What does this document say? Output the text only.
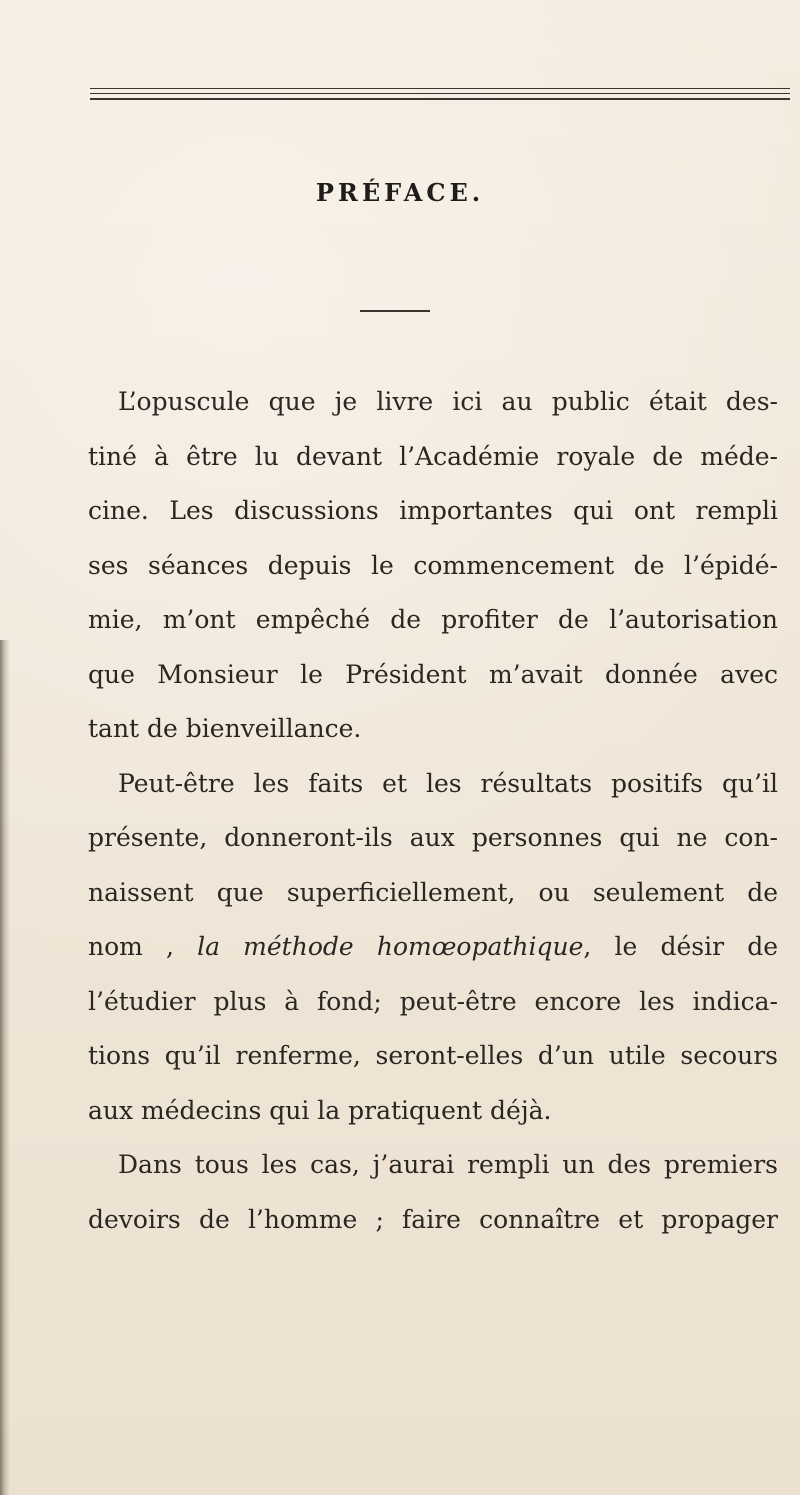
PRÉFACE.
L’opuscule que je livre ici au public était des-
tiné à être lu devant l’Académie royale de méde-
cine. Les discussions importantes qui ont rempli
ses séances depuis le commencement de l’épidé-
mie, m’ont empêché de profiter de l’autorisation
que Monsieur le Président m’avait donnée avec
tant de bienveillance.
Peut-être les faits et les résultats positifs qu’il
présente, donneront-ils aux personnes qui ne con-
naissent que superficiellement, ou seulement de
nom , la méthode homœopathique, le désir de
l’étudier plus à fond; peut-être encore les indica-
tions qu’il renferme, seront-elles d’un utile secours
aux médecins qui la pratiquent déjà.
Dans tous les cas, j’aurai rempli un des premiers
devoirs de l’homme ; faire connaître et propager
